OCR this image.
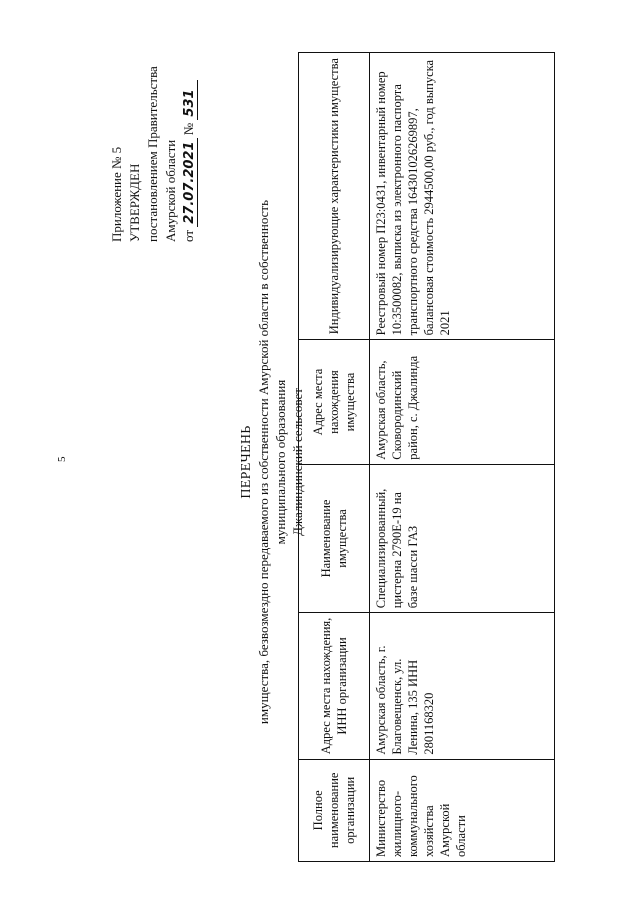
5
Приложение № 5 УТВЕРЖДЕН постановлением Правительства Амурской области от 27.07.2021 № 531
ПЕРЕЧЕНЬ имущества, безвозмездно передаваемого из собственности Амурской области в собственность муниципального образования Джалиндинский сельсовет
Полное наименование организации	Адрес места нахождения, ИНН организации	Наименование имущества	Адрес места нахождения имущества	Индивидуализирующие характеристики имущества
Министерство жилищного-коммунального хозяйства Амурской области	Амурская область, г. Благовещенск, ул. Ленина, 135 ИНН 2801168320	Специализированный, цистерна 2790Е-19 на базе шасси ГАЗ	Амурская область, Сковородинский район, с. Джалинда	Реестровый номер П23:0431, инвентарный номер 10:3500082, выписка из электронного паспорта транспортного средства 164301026269897, балансовая стоимость 2944500,00 руб., год выпуска 2021
